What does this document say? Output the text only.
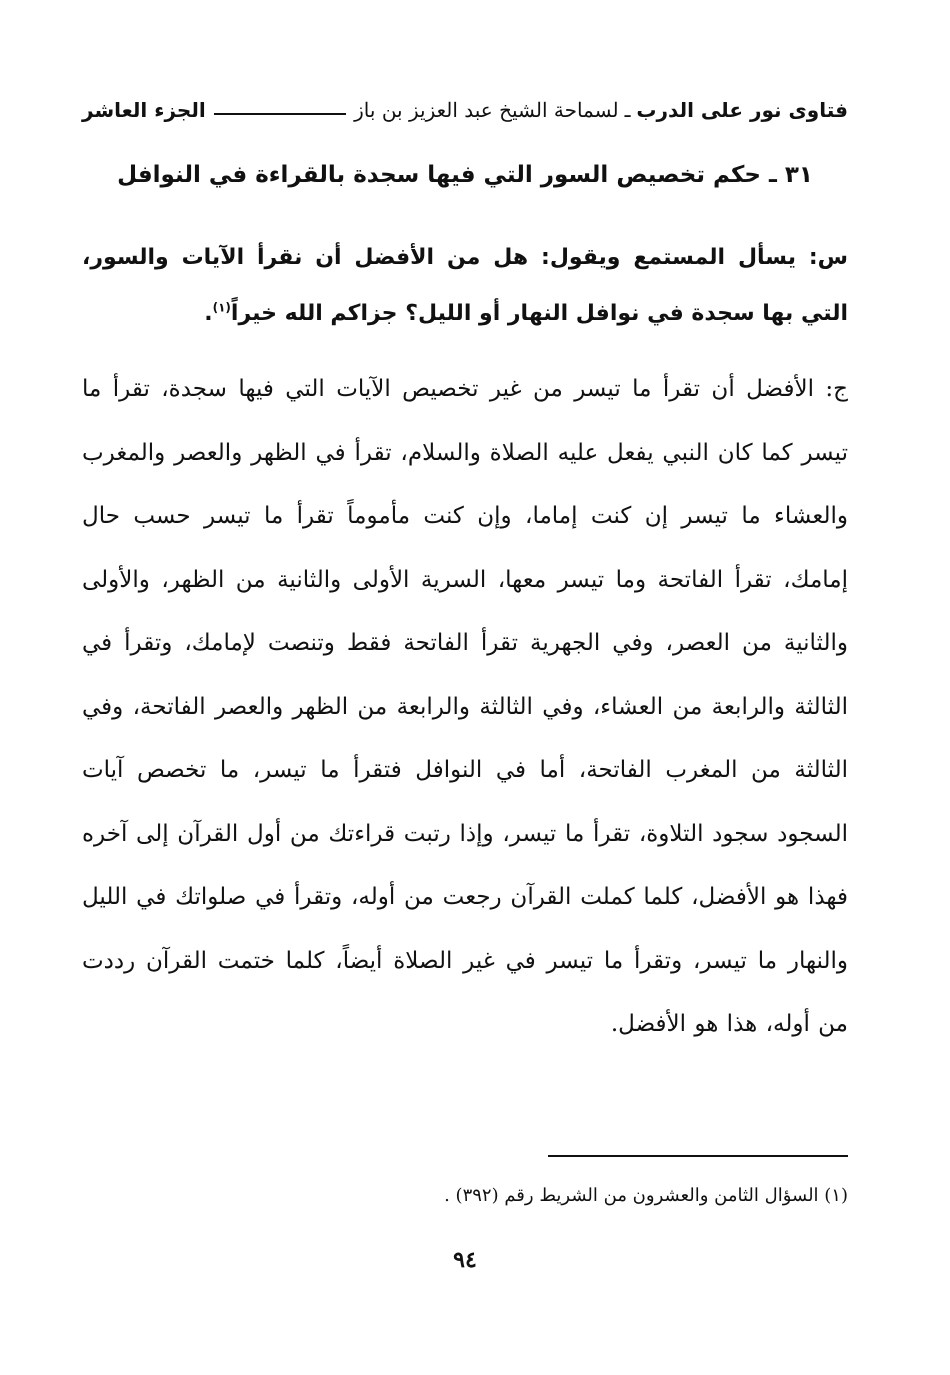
فتاوى نور على الدرب
ـ
لسماحة الشيخ عبد العزيز بن باز
الجزء العاشر
٣١ ـ حكم تخصيص السور التي فيها سجدة بالقراءة في النوافل
س: يسأل المستمع ويقول: هل من الأفضل أن نقرأ الآيات والسور، التي بها سجدة في نوافل النهار أو الليل؟ جزاكم الله خيراً$^{(١)}$.
ج: الأفضل أن تقرأ ما تيسر من غير تخصيص الآيات التي فيها سجدة، تقرأ ما تيسر كما كان النبي يفعل عليه الصلاة والسلام، تقرأ في الظهر والعصر والمغرب والعشاء ما تيسر إن كنت إماما، وإن كنت مأموماً تقرأ ما تيسر حسب حال إمامك، تقرأ الفاتحة وما تيسر معها، السرية الأولى والثانية من الظهر، والأولى والثانية من العصر، وفي الجهرية تقرأ الفاتحة فقط وتنصت لإمامك، وتقرأ في الثالثة والرابعة من العشاء، وفي الثالثة والرابعة من الظهر والعصر الفاتحة، وفي الثالثة من المغرب الفاتحة، أما في النوافل فتقرأ ما تيسر، ما تخصص آيات السجود سجود التلاوة، تقرأ ما تيسر، وإذا رتبت قراءتك من أول القرآن إلى آخره فهذا هو الأفضل، كلما كملت القرآن رجعت من أوله، وتقرأ في صلواتك في الليل والنهار ما تيسر، وتقرأ ما تيسر في غير الصلاة أيضاً، كلما ختمت القرآن رددت من أوله، هذا هو الأفضل.
(١) السؤال الثامن والعشرون من الشريط رقم (٣٩٢) .
٩٤
